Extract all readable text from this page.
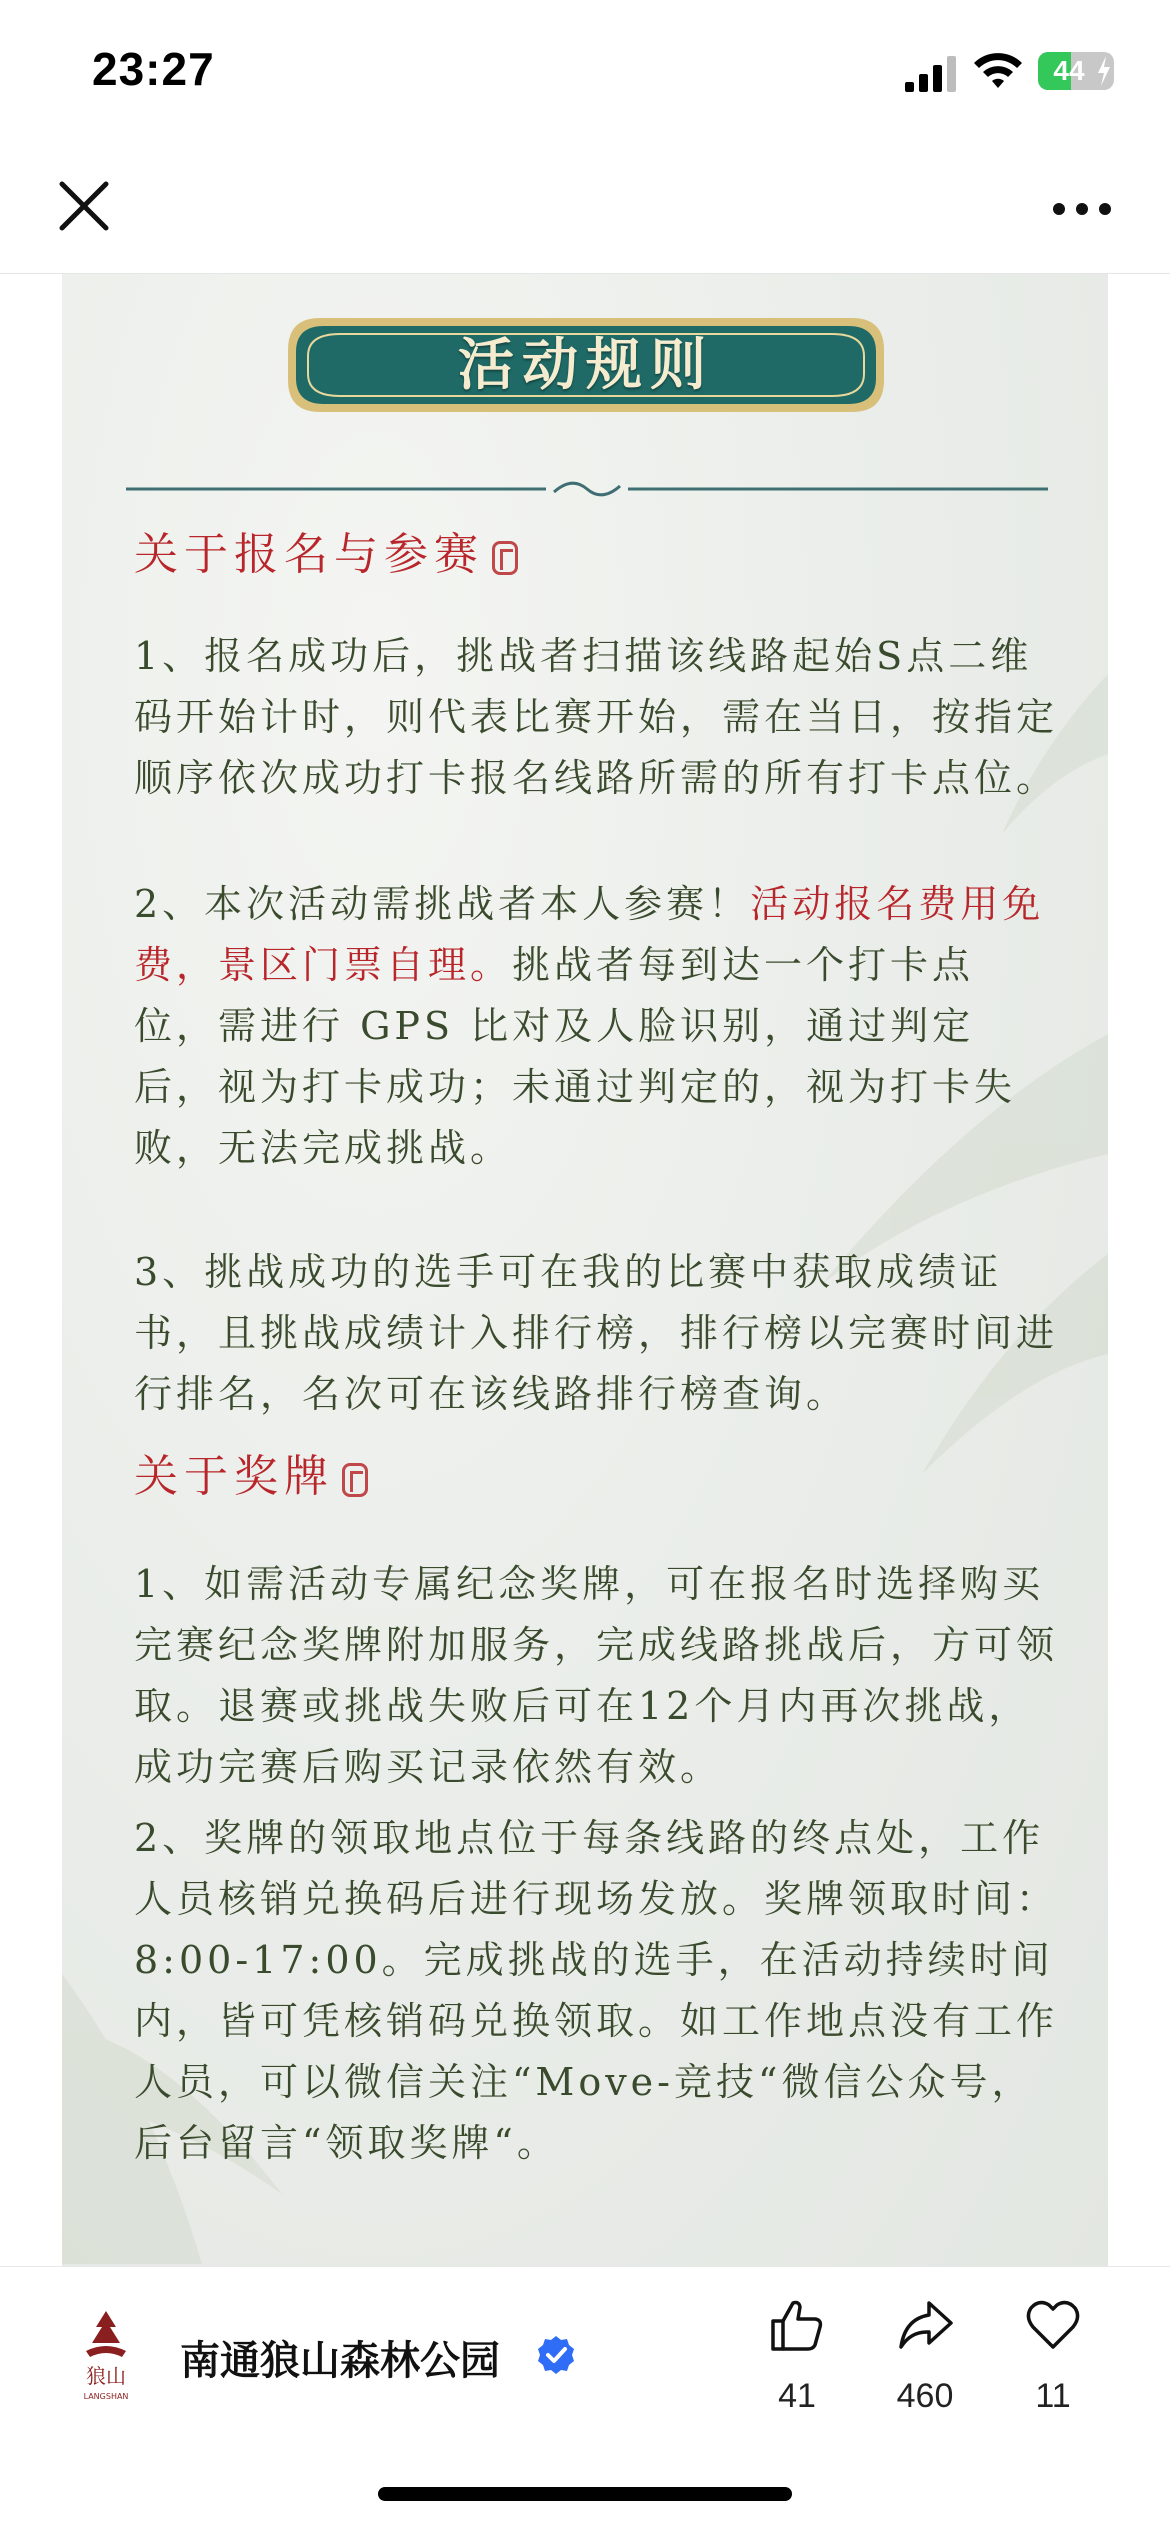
23:27	44
活动规则
关于报名与参赛

1、报名成功后，挑战者扫描该线路起始S点二维码开始计时，则代表比赛开始，需在当日，按指定顺序依次成功打卡报名线路所需的所有打卡点位。

2、本次活动需挑战者本人参赛！活动报名费用免费，景区门票自理。挑战者每到达一个打卡点位，需进行 GPS 比对及人脸识别，通过判定后，视为打卡成功；未通过判定的，视为打卡失败，无法完成挑战。

3、挑战成功的选手可在我的比赛中获取成绩证书，且挑战成绩计入排行榜，排行榜以完赛时间进行排名，名次可在该线路排行榜查询。

关于奖牌

1、如需活动专属纪念奖牌，可在报名时选择购买完赛纪念奖牌附加服务，完成线路挑战后，方可领取。退赛或挑战失败后可在12个月内再次挑战，成功完赛后购买记录依然有效。

2、奖牌的领取地点位于每条线路的终点处，工作人员核销兑换码后进行现场发放。奖牌领取时间：8:00-17:00。完成挑战的选手，在活动持续时间内，皆可凭核销码兑换领取。如工作地点没有工作人员，可以微信关注“Move-竞技“微信公众号，后台留言“领取奖牌“。

狼山
LANGSHAN
南通狼山森林公园
41	460	11
